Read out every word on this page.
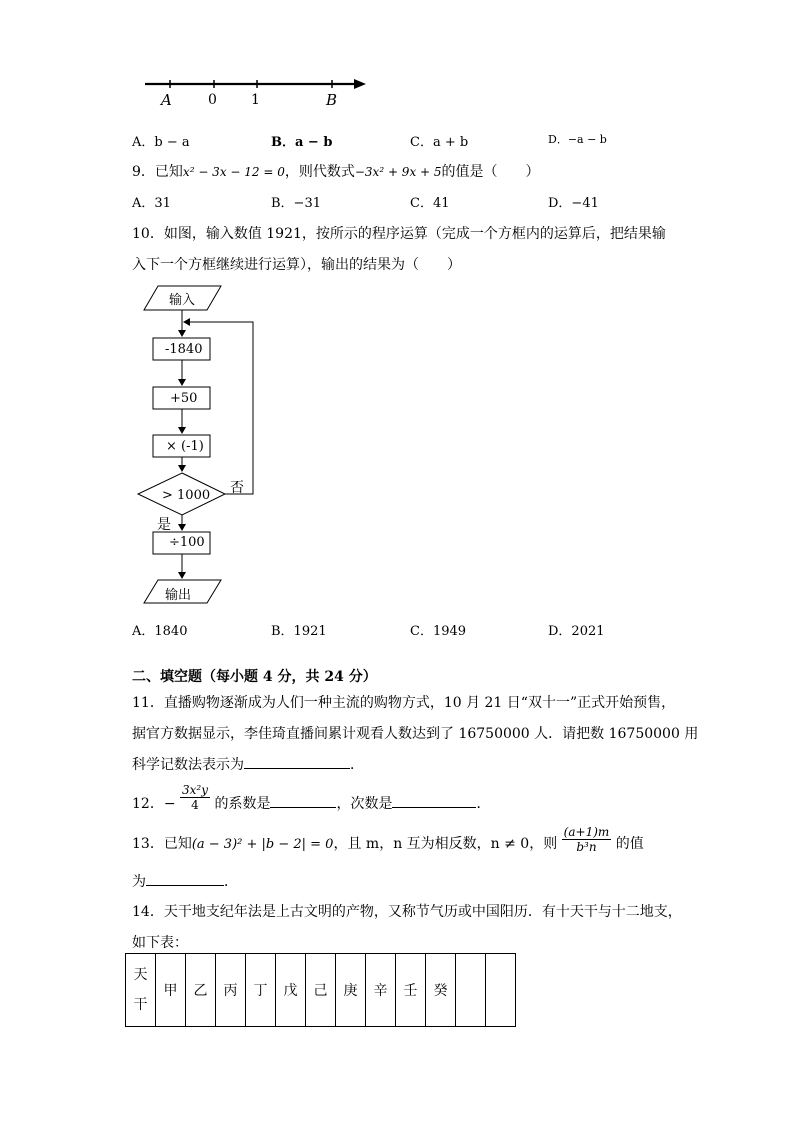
A	0 1	B
A．b − a	B．a − b	C．a + b	D．−a − b
9．已知x² − 3x − 12 = 0，则代数式−3x² + 9x + 5的值是（　　）
A．31	B．−31	C．41	D．−41
10．如图，输入数值 1921，按所示的程序运算（完成一个方框内的运算后，把结果输
入下一个方框继续进行运算），输出的结果为（　　）
输入
-1840
+50
× (-1)
> 1000 否
是
÷100
输出
A．1840	B．1921	C．1949	D．2021
二、填空题（每小题 4 分，共 24 分）
11．直播购物逐渐成为人们一种主流的购物方式，10 月 21 日“双十一”正式开始预售，
据官方数据显示，李佳琦直播间累计观看人数达到了 16750000 人．请把数 16750000 用
科学记数法表示为	．
12．− $\frac{\text{3x²y}}{4}$ 的系数是	，次数是	．
13．已知(a − 3)² + |b − 2| = 0，且 m，n 互为相反数，n ≠ 0，则 $\frac{(a+1)m}{\text{b³n}}$ 的值
为	．
14．天干地支纪年法是上古文明的产物，又称节气历或中国阳历．有十天干与十二地支，
如下表：
天干	甲	乙	丙	丁	戊	己	庚	辛	壬	癸		
